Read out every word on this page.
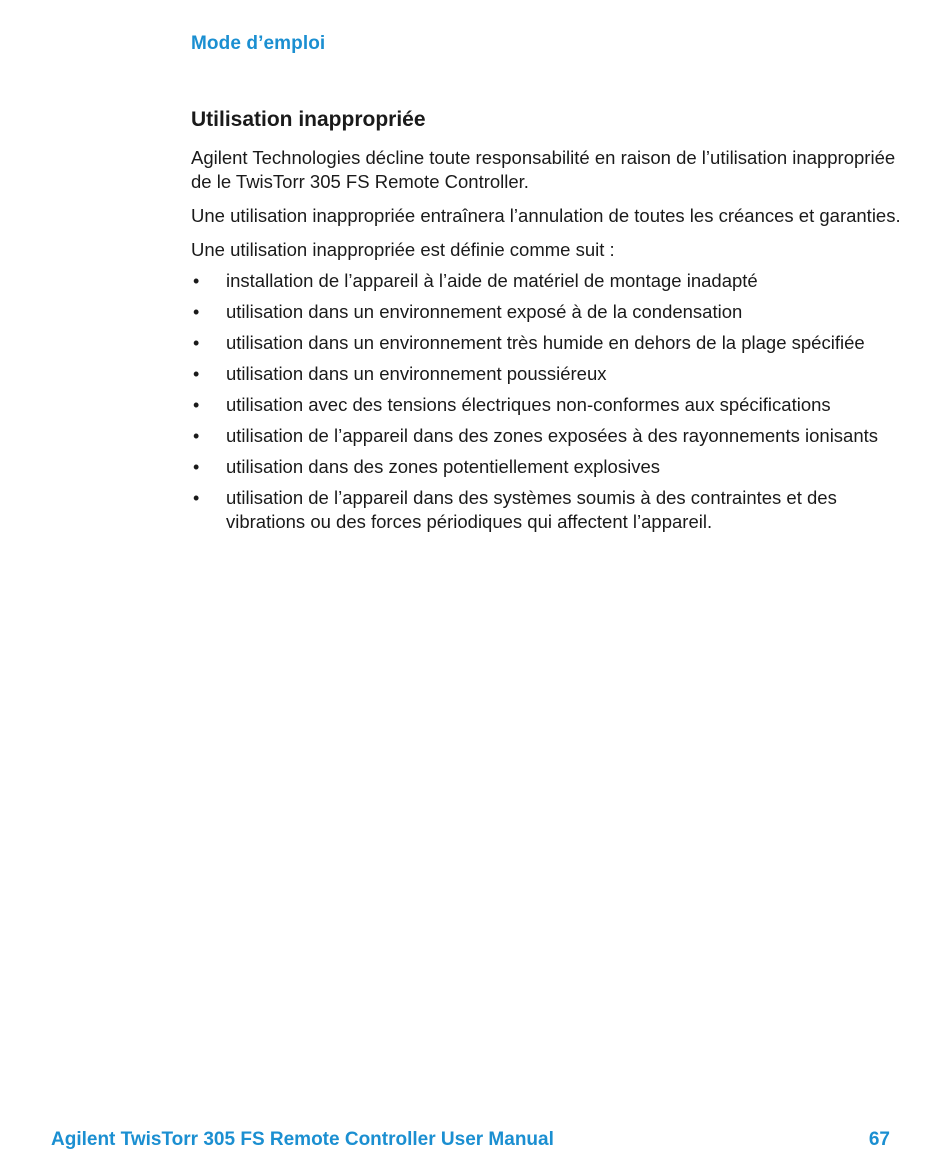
Mode d’emploi
Utilisation inappropriée

Agilent Technologies décline toute responsabilité en raison de l’utilisation inappropriée de le TwisTorr 305 FS Remote Controller.

Une utilisation inappropriée entraînera l’annulation de toutes les créances et garanties.

Une utilisation inappropriée est définie comme suit :

• installation de l’appareil à l’aide de matériel de montage inadapté
• utilisation dans un environnement exposé à de la condensation
• utilisation dans un environnement très humide en dehors de la plage spécifiée
• utilisation dans un environnement poussiéreux
• utilisation avec des tensions électriques non-conformes aux spécifications
• utilisation de l’appareil dans des zones exposées à des rayonnements ionisants
• utilisation dans des zones potentiellement explosives
• utilisation de l’appareil dans des systèmes soumis à des contraintes et des vibrations ou des forces périodiques qui affectent l’appareil.
Agilent TwisTorr 305 FS Remote Controller User Manual	67
